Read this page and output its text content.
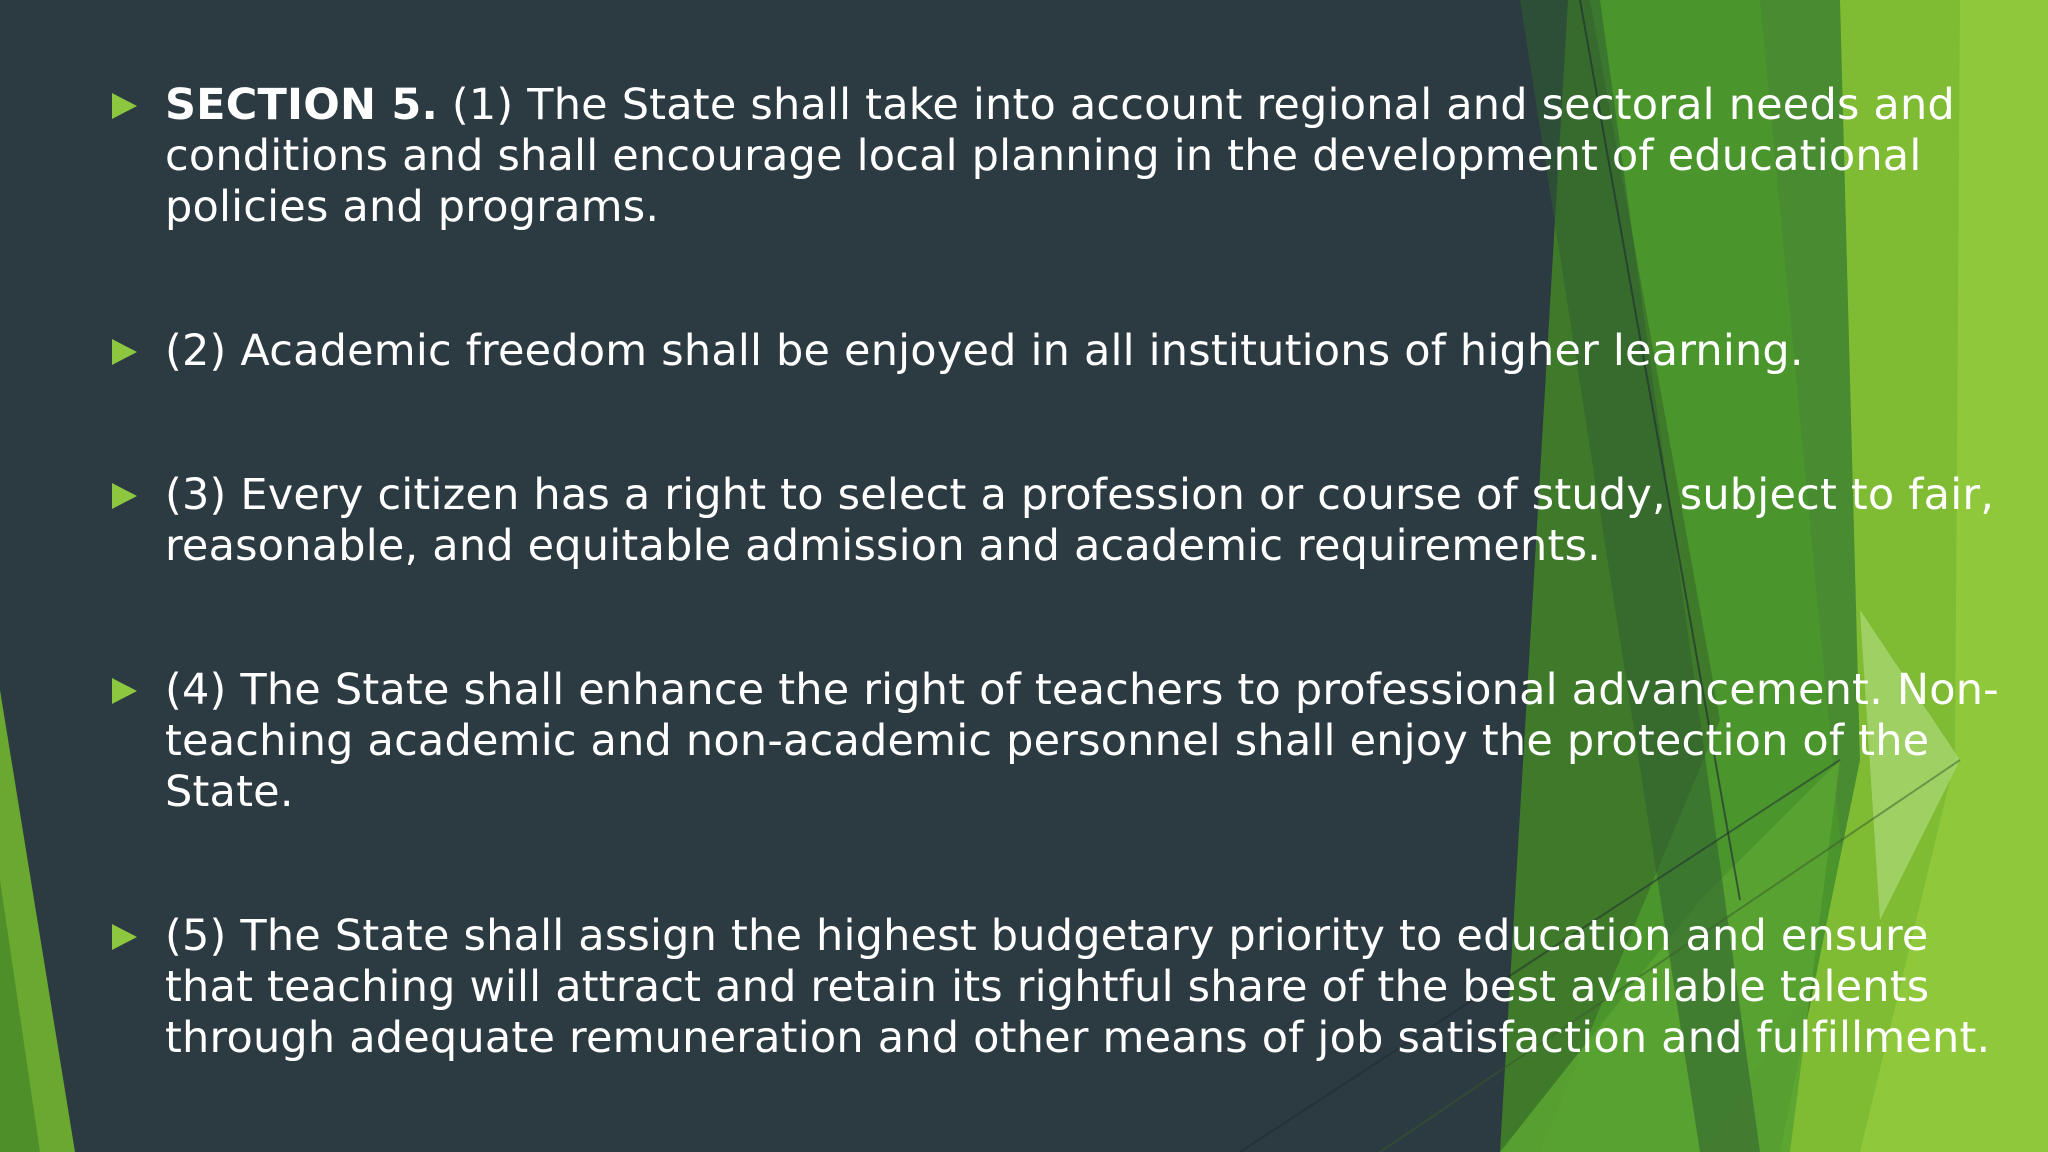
SECTION 5. (1) The State shall take into account regional and sectoral needs and conditions and shall encourage local planning in the development of educational policies and programs.
(2) Academic freedom shall be enjoyed in all institutions of higher learning.
(3) Every citizen has a right to select a profession or course of study, subject to fair, reasonable, and equitable admission and academic requirements.
(4) The State shall enhance the right of teachers to professional advancement. Non-teaching academic and non-academic personnel shall enjoy the protection of the State.
(5) The State shall assign the highest budgetary priority to education and ensure that teaching will attract and retain its rightful share of the best available talents through adequate remuneration and other means of job satisfaction and fulfillment.
